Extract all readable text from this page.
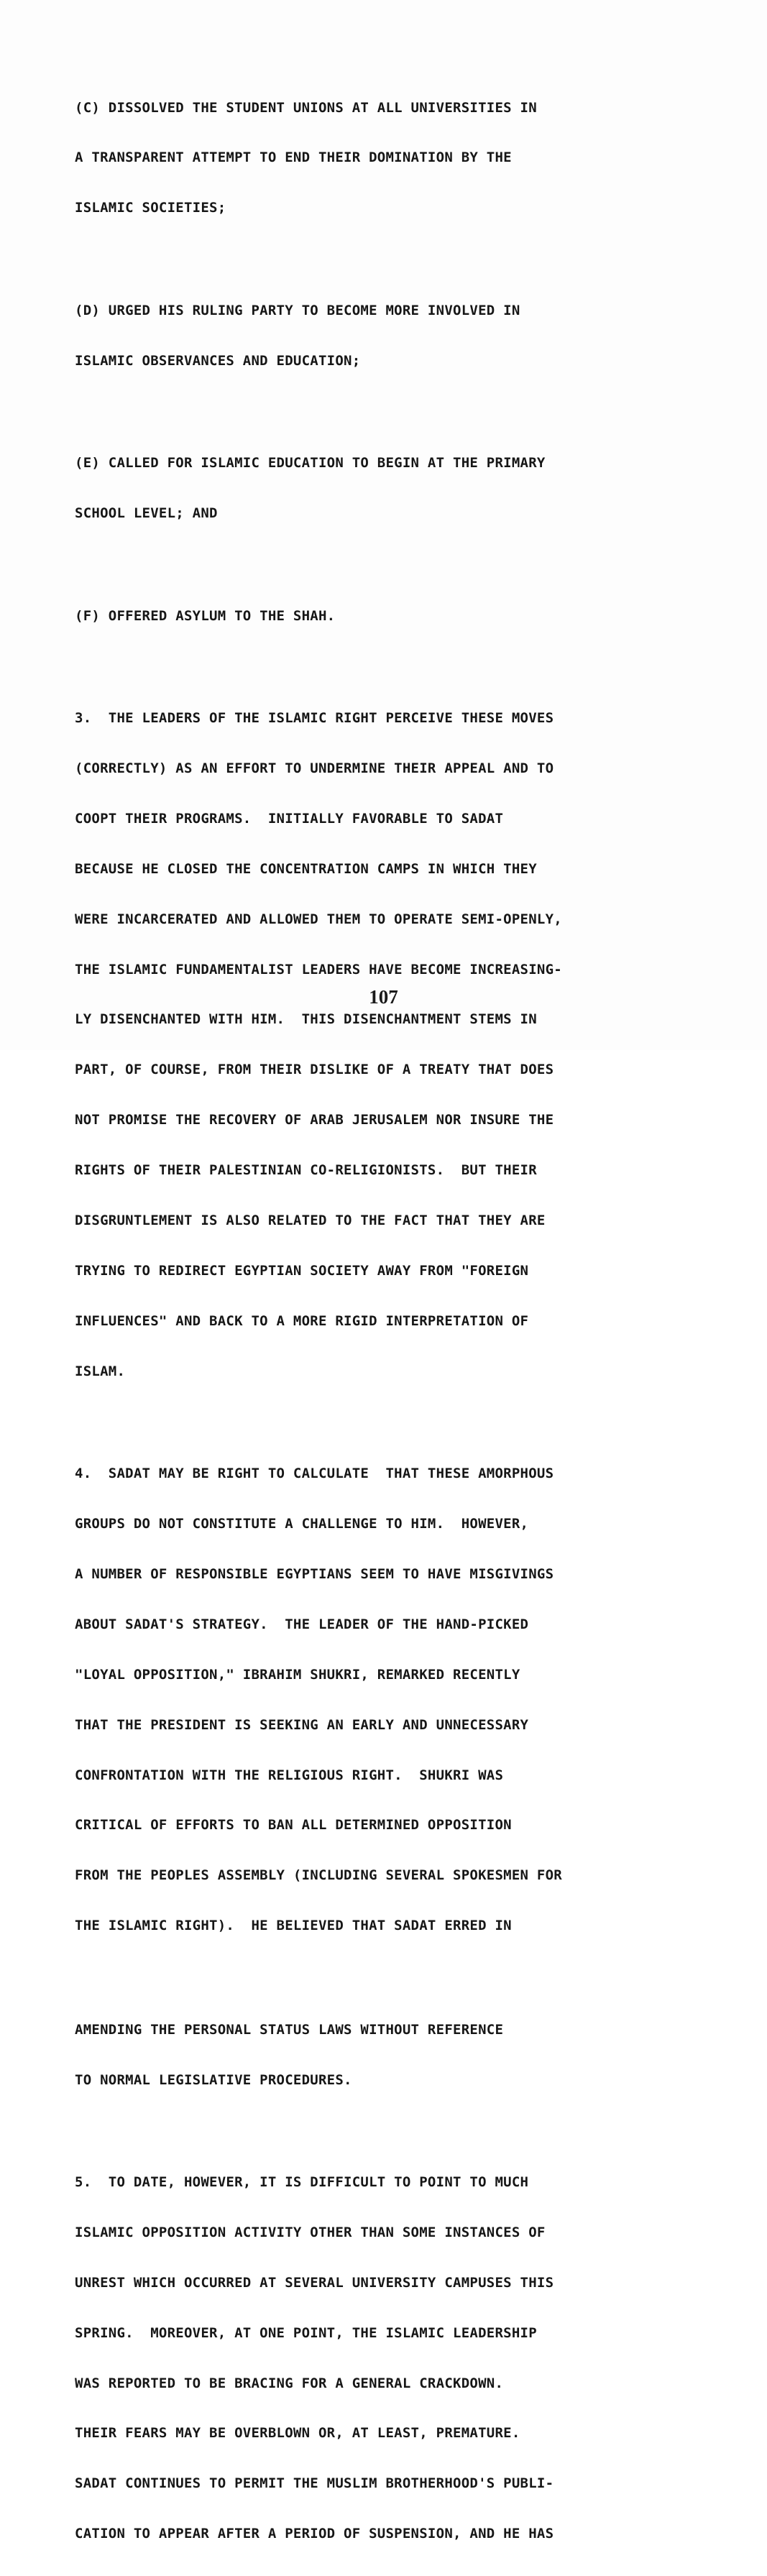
(C) DISSOLVED THE STUDENT UNIONS AT ALL UNIVERSITIES IN

A TRANSPARENT ATTEMPT TO END THEIR DOMINATION BY THE

ISLAMIC SOCIETIES;

(D) URGED HIS RULING PARTY TO BECOME MORE INVOLVED IN

ISLAMIC OBSERVANCES AND EDUCATION;

(E) CALLED FOR ISLAMIC EDUCATION TO BEGIN AT THE PRIMARY

SCHOOL LEVEL; AND

(F) OFFERED ASYLUM TO THE SHAH.

3.  THE LEADERS OF THE ISLAMIC RIGHT PERCEIVE THESE MOVES

(CORRECTLY) AS AN EFFORT TO UNDERMINE THEIR APPEAL AND TO

COOPT THEIR PROGRAMS.  INITIALLY FAVORABLE TO SADAT

BECAUSE HE CLOSED THE CONCENTRATION CAMPS IN WHICH THEY

WERE INCARCERATED AND ALLOWED THEM TO OPERATE SEMI-OPENLY,

THE ISLAMIC FUNDAMENTALIST LEADERS HAVE BECOME INCREASING-

LY DISENCHANTED WITH HIM.  THIS DISENCHANTMENT STEMS IN

PART, OF COURSE, FROM THEIR DISLIKE OF A TREATY THAT DOES

NOT PROMISE THE RECOVERY OF ARAB JERUSALEM NOR INSURE THE

RIGHTS OF THEIR PALESTINIAN CO-RELIGIONISTS.  BUT THEIR

DISGRUNTLEMENT IS ALSO RELATED TO THE FACT THAT THEY ARE

TRYING TO REDIRECT EGYPTIAN SOCIETY AWAY FROM "FOREIGN

INFLUENCES" AND BACK TO A MORE RIGID INTERPRETATION OF

ISLAM.

4.  SADAT MAY BE RIGHT TO CALCULATE  THAT THESE AMORPHOUS

GROUPS DO NOT CONSTITUTE A CHALLENGE TO HIM.  HOWEVER,

A NUMBER OF RESPONSIBLE EGYPTIANS SEEM TO HAVE MISGIVINGS

ABOUT SADAT'S STRATEGY.  THE LEADER OF THE HAND-PICKED

"LOYAL OPPOSITION," IBRAHIM SHUKRI, REMARKED RECENTLY

THAT THE PRESIDENT IS SEEKING AN EARLY AND UNNECESSARY

CONFRONTATION WITH THE RELIGIOUS RIGHT.  SHUKRI WAS

CRITICAL OF EFFORTS TO BAN ALL DETERMINED OPPOSITION

FROM THE PEOPLES ASSEMBLY (INCLUDING SEVERAL SPOKESMEN FOR

THE ISLAMIC RIGHT).  HE BELIEVED THAT SADAT ERRED IN

AMENDING THE PERSONAL STATUS LAWS WITHOUT REFERENCE

TO NORMAL LEGISLATIVE PROCEDURES.

5.  TO DATE, HOWEVER, IT IS DIFFICULT TO POINT TO MUCH

ISLAMIC OPPOSITION ACTIVITY OTHER THAN SOME INSTANCES OF

UNREST WHICH OCCURRED AT SEVERAL UNIVERSITY CAMPUSES THIS

SPRING.  MOREOVER, AT ONE POINT, THE ISLAMIC LEADERSHIP

WAS REPORTED TO BE BRACING FOR A GENERAL CRACKDOWN.

THEIR FEARS MAY BE OVERBLOWN OR, AT LEAST, PREMATURE.

SADAT CONTINUES TO PERMIT THE MUSLIM BROTHERHOOD'S PUBLI-

CATION TO APPEAR AFTER A PERIOD OF SUSPENSION, AND HE HAS

107
